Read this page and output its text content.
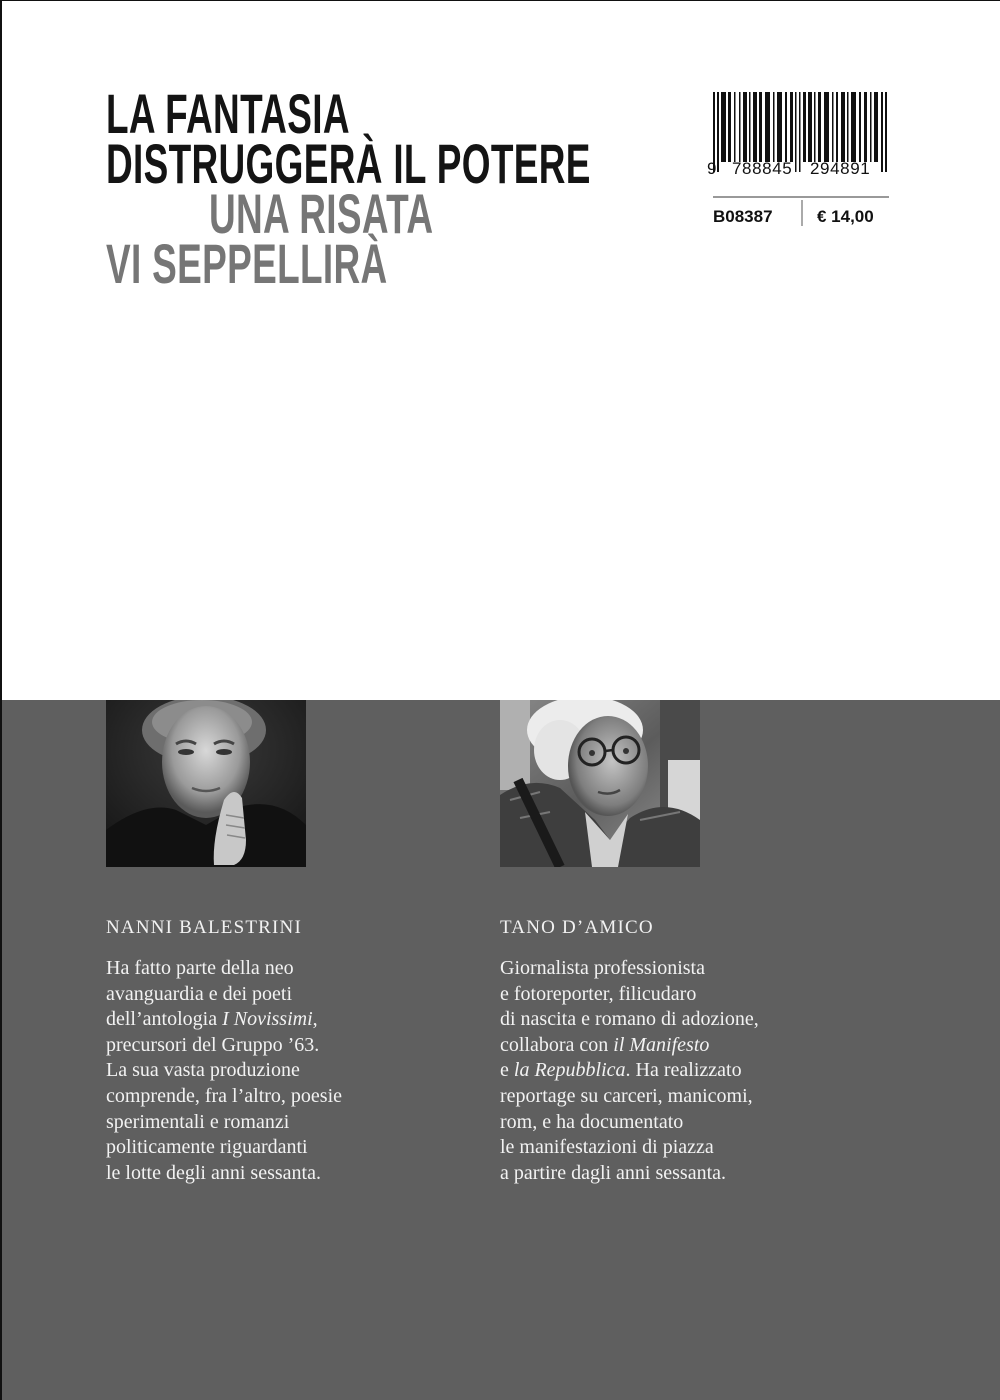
LA FANTASIA
DISTRUGGERÀ IL POTERE
UNA RISATA
VI SEPPELLIRÀ
9 788845 294891
B08387	€ 14,00
NANNI BALESTRINI

Ha fatto parte della neo
avanguardia e dei poeti
dell’antologia I Novissimi,
precursori del Gruppo ’63.
La sua vasta produzione
comprende, fra l’altro, poesie
sperimentali e romanzi
politicamente riguardanti
le lotte degli anni sessanta.

TANO D’AMICO

Giornalista professionista
e fotoreporter, filicudaro
di nascita e romano di adozione,
collabora con il Manifesto
e la Repubblica. Ha realizzato
reportage su carceri, manicomi,
rom, e ha documentato
le manifestazioni di piazza
a partire dagli anni sessanta.
